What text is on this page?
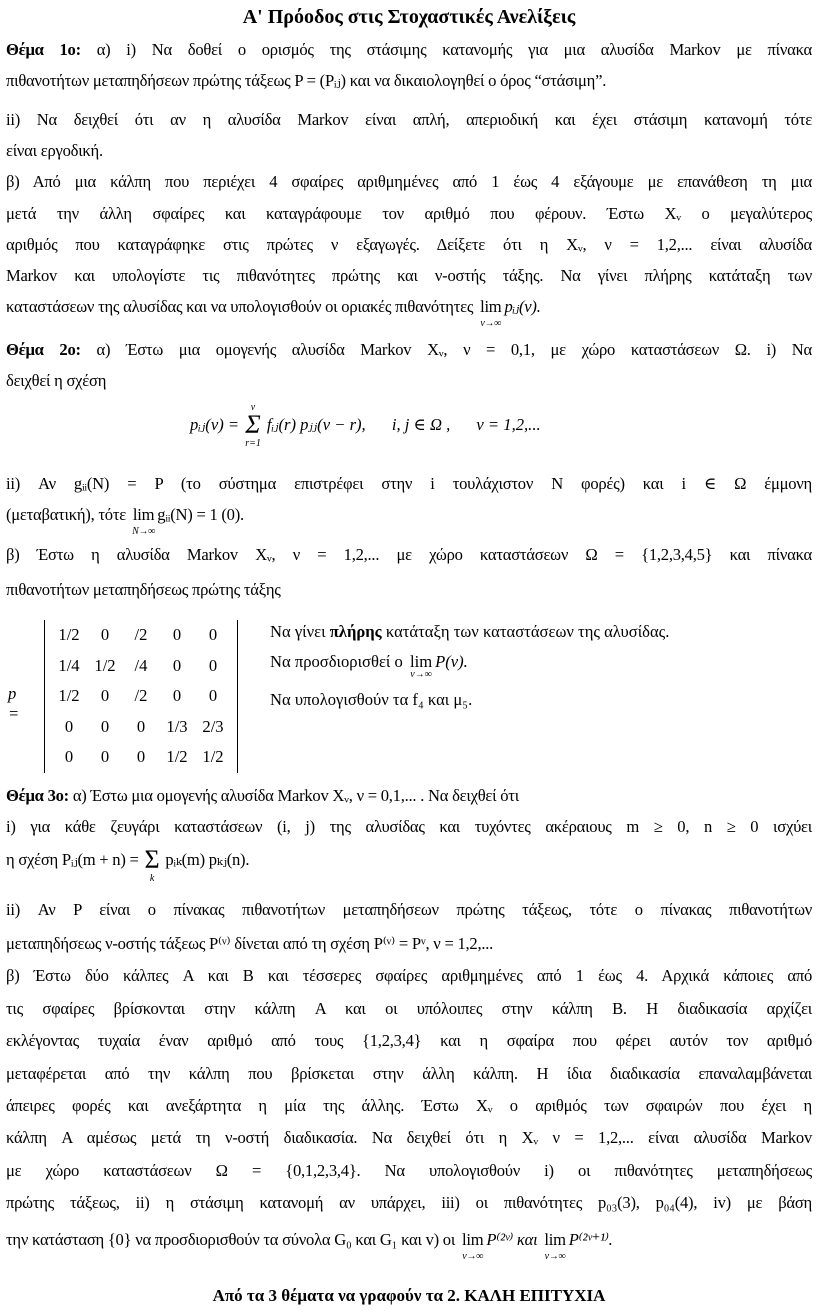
Α' Πρόοδος στις Στοχαστικές Ανελίξεις
Θέμα 1ο: α) i) Να δοθεί ο ορισμός της στάσιμης κατανομής για μια αλυσίδα Markov με πίνακα
πιθανοτήτων μεταπηδήσεων πρώτης τάξεως P = (Pᵢⱼ) και να δικαιολογηθεί ο όρος “στάσιμη”.
ii) Να δειχθεί ότι αν η αλυσίδα Markov είναι απλή, απεριοδική και έχει στάσιμη κατανομή τότε
είναι εργοδική.
β) Από μια κάλπη που περιέχει 4 σφαίρες αριθμημένες από 1 έως 4 εξάγουμε με επανάθεση τη μια
μετά την άλλη σφαίρες και καταγράφουμε τον αριθμό που φέρουν. Έστω Xᵥ ο μεγαλύτερος
αριθμός που καταγράφηκε στις πρώτες ν εξαγωγές. Δείξετε ότι η Xᵥ, ν = 1,2,... είναι αλυσίδα
Markov και υπολογίστε τις πιθανότητες πρώτης και ν-οστής τάξης. Να γίνει πλήρης κατάταξη των
καταστάσεων της αλυσίδας και να υπολογισθούν οι οριακές πιθανότητες lim
ν→∞
pᵢⱼ(ν).
Θέμα 2ο: α) Έστω μια ομογενής αλυσίδα Markov Xᵥ, ν = 0,1, με χώρο καταστάσεων Ω. i) Να
δειχθεί η σχέση
pᵢⱼ(ν) = Σ
ν
r=1
fᵢⱼ(r) pⱼⱼ(ν − r), i, j ∈ Ω , ν = 1,2,...
ii) Αν gᵢᵢ(N) = P (το σύστημα επιστρέφει στην i τουλάχιστον N φορές) και i ∈ Ω έμμονη
(μεταβατική), τότε lim
N→∞
gᵢᵢ(N) = 1 (0).
β) Έστω η αλυσίδα Markov Xᵥ, ν = 1,2,... με χώρο καταστάσεων Ω = {1,2,3,4,5} και πίνακα
πιθανοτήτων μεταπηδήσεως πρώτης τάξης
p =
1/2	0	/2	0	0
1/4 1/2	/4	0	0
1/2	0	/2	0	0
0	0	0	1/3 2/3
0	0	0	1/2 1/2
Να γίνει πλήρης κατάταξη των καταστάσεων της αλυσίδας.
Να προσδιορισθεί ο lim
ν→∞
P(ν).
Να υπολογισθούν τα f₄ και μ₅.
Θέμα 3ο: α) Έστω μια ομογενής αλυσίδα Markov Xᵥ, ν = 0,1,... . Να δειχθεί ότι
i) για κάθε ζευγάρι καταστάσεων (i, j) της αλυσίδας και τυχόντες ακέραιους m ≥ 0, n ≥ 0 ισχύει
η σχέση Pᵢⱼ(m + n) = Σ
k
pᵢₖ(m) pₖⱼ(n).
ii) Αν P είναι ο πίνακας πιθανοτήτων μεταπηδήσεων πρώτης τάξεως, τότε ο πίνακας πιθανοτήτων
μεταπηδήσεως ν-οστής τάξεως P⁽ᵛ⁾ δίνεται από τη σχέση P⁽ᵛ⁾ = Pᵛ, ν = 1,2,...
β) Έστω δύο κάλπες A και B και τέσσερες σφαίρες αριθμημένες από 1 έως 4. Αρχικά κάποιες από
τις σφαίρες βρίσκονται στην κάλπη A και οι υπόλοιπες στην κάλπη B. Η διαδικασία αρχίζει
εκλέγοντας τυχαία έναν αριθμό από τους {1,2,3,4} και η σφαίρα που φέρει αυτόν τον αριθμό
μεταφέρεται από την κάλπη που βρίσκεται στην άλλη κάλπη. Η ίδια διαδικασία επαναλαμβάνεται
άπειρες φορές και ανεξάρτητα η μία της άλλης. Έστω Xᵥ ο αριθμός των σφαιρών που έχει η
κάλπη A αμέσως μετά τη ν-οστή διαδικασία. Να δειχθεί ότι η Xᵥ ν = 1,2,... είναι αλυσίδα Markov
με χώρο καταστάσεων Ω = {0,1,2,3,4}. Να υπολογισθούν i) οι πιθανότητες μεταπηδήσεως
πρώτης τάξεως, ii) η στάσιμη κατανομή αν υπάρχει, iii) οι πιθανότητες p₀₃(3), p₀₄(4), iv) με βάση
την κατάσταση {0} να προσδιορισθούν τα σύνολα G₀ και G₁ και v) οι lim
ν→∞
P⁽²ᵛ⁾ και lim
ν→∞
P⁽²ᵛ⁺¹⁾.
Από τα 3 θέματα να γραφούν τα 2. ΚΑΛΗ ΕΠΙΤΥΧΙΑ
